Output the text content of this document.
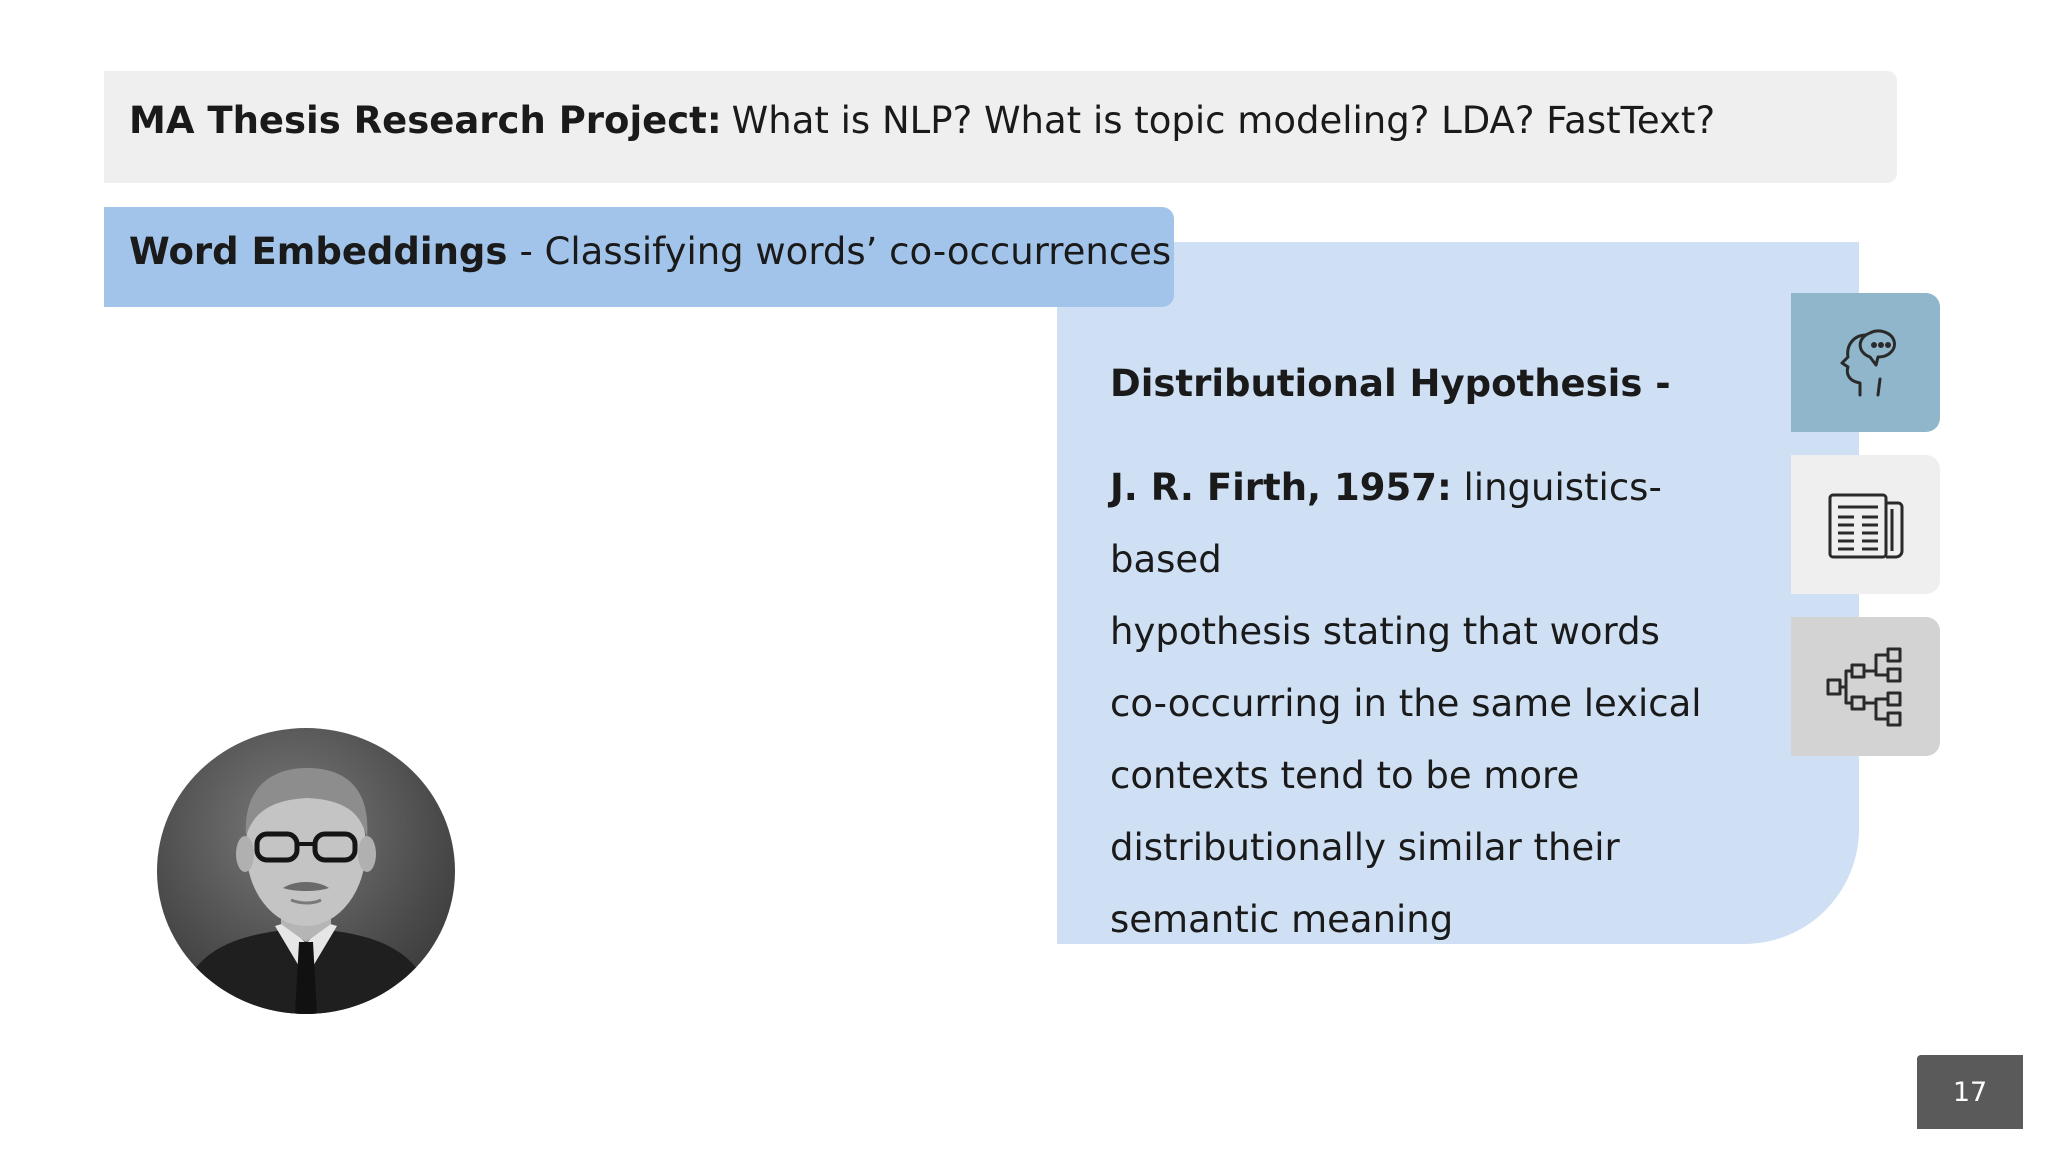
MA Thesis Research Project: What is NLP? What is topic modeling? LDA? FastText?
Word Embeddings - Classifying words’ co-occurrences
Distributional Hypothesis -
J. R. Firth, 1957: linguistics-based
hypothesis stating that words
co-occurring in the same lexical
contexts tend to be more
distributionally similar their
semantic meaning
17
